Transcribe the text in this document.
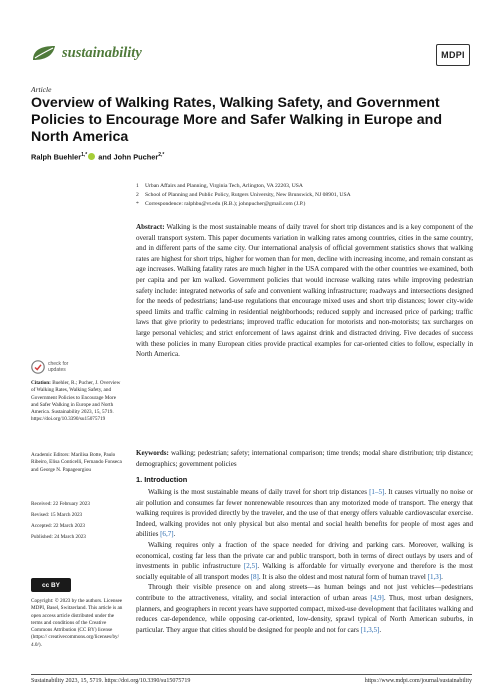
sustainability	MDPI
Article
Overview of Walking Rates, Walking Safety, and Government Policies to Encourage More and Safer Walking in Europe and North America
Ralph Buehler$^{1,*}$ and John Pucher$^{2,*}$
1 Urban Affairs and Planning, Virginia Tech, Arlington, VA 22203, USA
2 School of Planning and Public Policy, Rutgers University, New Brunswick, NJ 08901, USA
* Correspondence: ralphbu@vt.edu (R.B.); johnpucher@gmail.com (J.P.)
Abstract: Walking is the most sustainable means of daily travel for short trip distances and is a key component of the overall transport system. This paper documents variation in walking rates among countries, cities in the same country, and in different parts of the same city. Our international analysis of official government statistics shows that walking rates are highest for short trips, higher for women than for men, decline with increasing income, and remain constant as age increases. Walking fatality rates are much higher in the USA compared with the other countries we examined, both per capita and per km walked. Government policies that would increase walking rates while improving pedestrian safety include: integrated networks of safe and convenient walking infrastructure; roadways and intersections designed for the needs of pedestrians; land-use regulations that encourage mixed uses and short trip distances; lower city-wide speed limits and traffic calming in residential neighborhoods; reduced supply and increased price of parking; traffic laws that give priority to pedestrians; improved traffic education for motorists and non-motorists; tax surcharges on large personal vehicles; and strict enforcement of laws against drink and distracted driving. Five decades of success with these policies in many European cities provide practical examples for car-oriented cities to follow, especially in North America.
Keywords: walking; pedestrian; safety; international comparison; time trends; modal share distribution; trip distance; demographics; government policies
check for updates
Citation: Buehler, R.; Pucher, J. Overview of Walking Rates, Walking Safety, and Government Policies to Encourage More and Safer Walking in Europe and North America. Sustainability 2023, 15, 5719. https://doi.org/10.3390/su15075719
Academic Editors: Marilisa Botte, Paulo Ribeiro, Elisa Conticelli, Fernando Fonseca and George N. Papageorgiou
Received: 22 February 2023
Revised: 15 March 2023
Accepted: 22 March 2023
Published: 24 March 2023
cc BY
Copyright: © 2023 by the authors. Licensee MDPI, Basel, Switzerland. This article is an open access article distributed under the terms and conditions of the Creative Commons Attribution (CC BY) license (https:// creativecommons.org/licenses/by/ 4.0/).
1. Introduction

Walking is the most sustainable means of daily travel for short trip distances [1–5]. It causes virtually no noise or air pollution and consumes far fewer nonrenewable resources than any motorized mode of transport. The energy that walking requires is provided directly by the traveler, and the use of that energy offers valuable cardiovascular exercise. Indeed, walking provides not only physical but also mental and social health benefits for people of most ages and abilities [6,7].

Walking requires only a fraction of the space needed for driving and parking cars. Moreover, walking is economical, costing far less than the private car and public transport, both in terms of direct outlays by users and of investments in public infrastructure [2,5]. Walking is affordable for virtually everyone and therefore is the most socially equitable of all transport modes [8]. It is also the oldest and most natural form of human travel [1,3].

Through their visible presence on and along streets—as human beings and not just vehicles—pedestrians contribute to the attractiveness, vitality, and social interaction of urban areas [4,9]. Thus, most urban designers, planners, and geographers in recent years have supported compact, mixed-use development that facilitates walking and reduces car-dependence, while opposing car-oriented, low-density, sprawl typical of North American suburbs, in particular. They argue that cities should be designed for people and not for cars [1,3,5].

Sustainability 2023, 15, 5719. https://doi.org/10.3390/su15075719	https://www.mdpi.com/journal/sustainability
